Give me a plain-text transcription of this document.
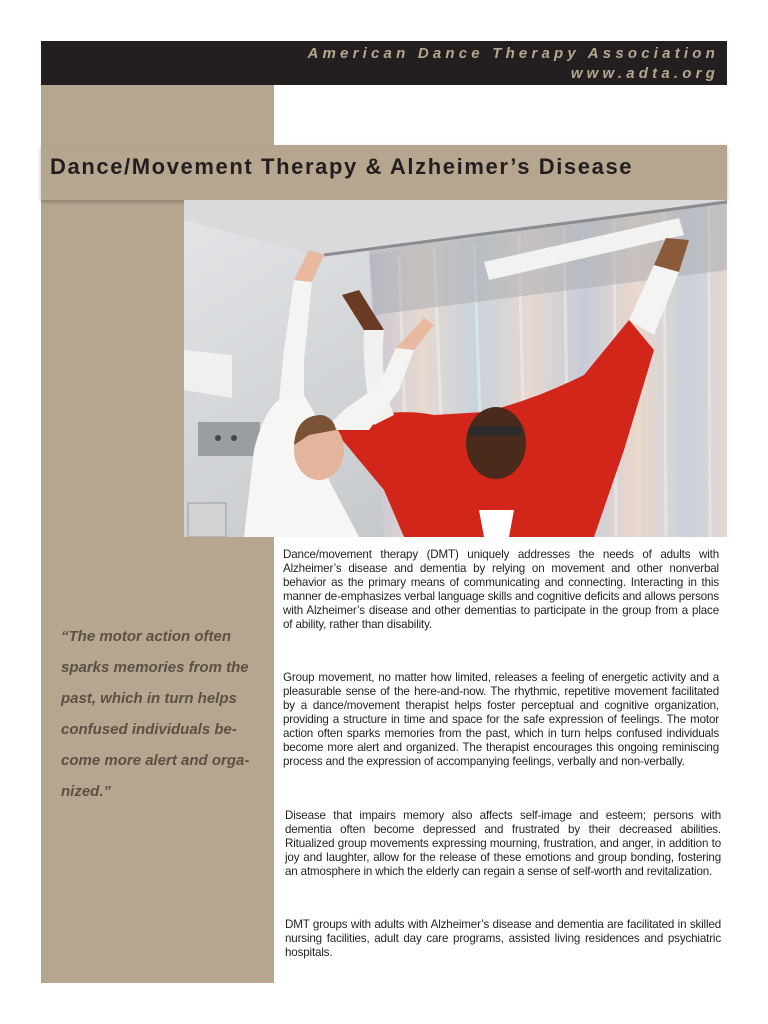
American Dance Therapy Association
www.adta.org
Dance/Movement Therapy & Alzheimer’s Disease

“The motor action often sparks memories from the past, which in turn helps confused individuals become more alert and organized.”

Dance/movement therapy (DMT) uniquely addresses the needs of adults with Alzheimer’s disease and dementia by relying on movement and other nonverbal behavior as the primary means of communicating and connecting. Interacting in this manner de-emphasizes verbal language skills and cognitive deficits and allows persons with Alzheimer’s disease and other dementias to participate in the group from a place of ability, rather than disability.

Group movement, no matter how limited, releases a feeling of energetic activity and a pleasurable sense of the here-and-now. The rhythmic, repetitive movement facilitated by a dance/movement therapist helps foster perceptual and cognitive organization, providing a structure in time and space for the safe expression of feelings. The motor action often sparks memories from the past, which in turn helps confused individuals become more alert and organized. The therapist encourages this ongoing reminiscing process and the expression of accompanying feelings, verbally and non-verbally.

Disease that impairs memory also affects self-image and esteem; persons with dementia often become depressed and frustrated by their decreased abilities. Ritualized group movements expressing mourning, frustration, and anger, in addition to joy and laughter, allow for the release of these emotions and group bonding, fostering an atmosphere in which the elderly can regain a sense of self-worth and revitalization.

DMT groups with adults with Alzheimer’s disease and dementia are facilitated in skilled nursing facilities, adult day care programs, assisted living residences and psychiatric hospitals.
